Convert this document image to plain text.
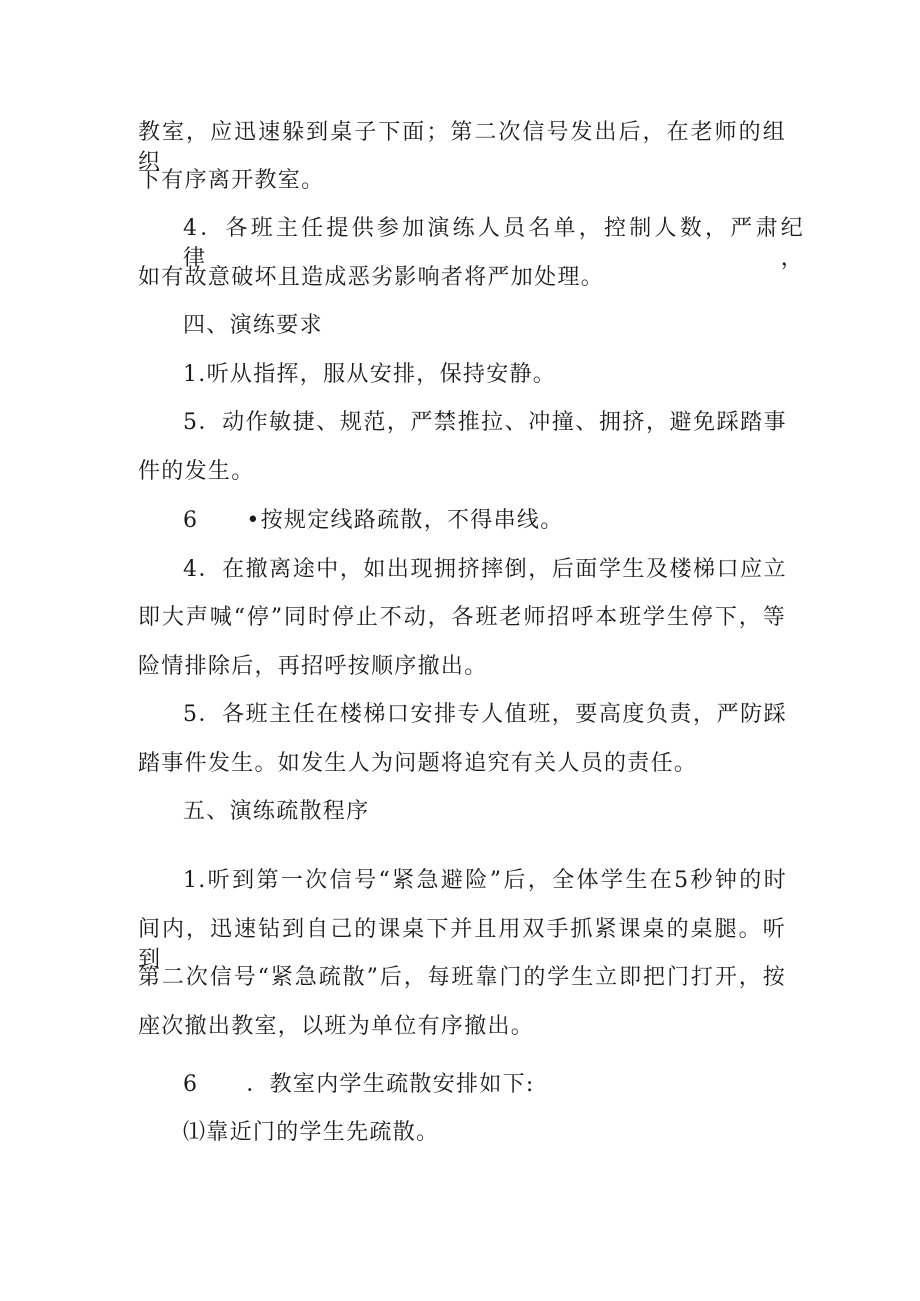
教室，应迅速躲到桌子下面；第二次信号发出后，在老师的组织

下有序离开教室。

4．各班主任提供参加演练人员名单，控制人数，严肃纪律，

如有故意破坏且造成恶劣影响者将严加处理。

四、演练要求

1.听从指挥，服从安排，保持安静。

5．动作敏捷、规范，严禁推拉、冲撞、拥挤，避免踩踏事

件的发生。

6 •按规定线路疏散，不得串线。

4．在撤离途中，如出现拥挤摔倒，后面学生及楼梯口应立

即大声喊“停”同时停止不动，各班老师招呼本班学生停下，等

险情排除后，再招呼按顺序撤出。

5．各班主任在楼梯口安排专人值班，要高度负责，严防踩

踏事件发生。如发生人为问题将追究有关人员的责任。

五、演练疏散程序

1.听到第一次信号“紧急避险”后，全体学生在5秒钟的时

间内，迅速钻到自己的课桌下并且用双手抓紧课桌的桌腿。听到

第二次信号“紧急疏散”后，每班靠门的学生立即把门打开，按

座次撤出教室，以班为单位有序撤出。

6 ．教室内学生疏散安排如下:

⑴靠近门的学生先疏散。
